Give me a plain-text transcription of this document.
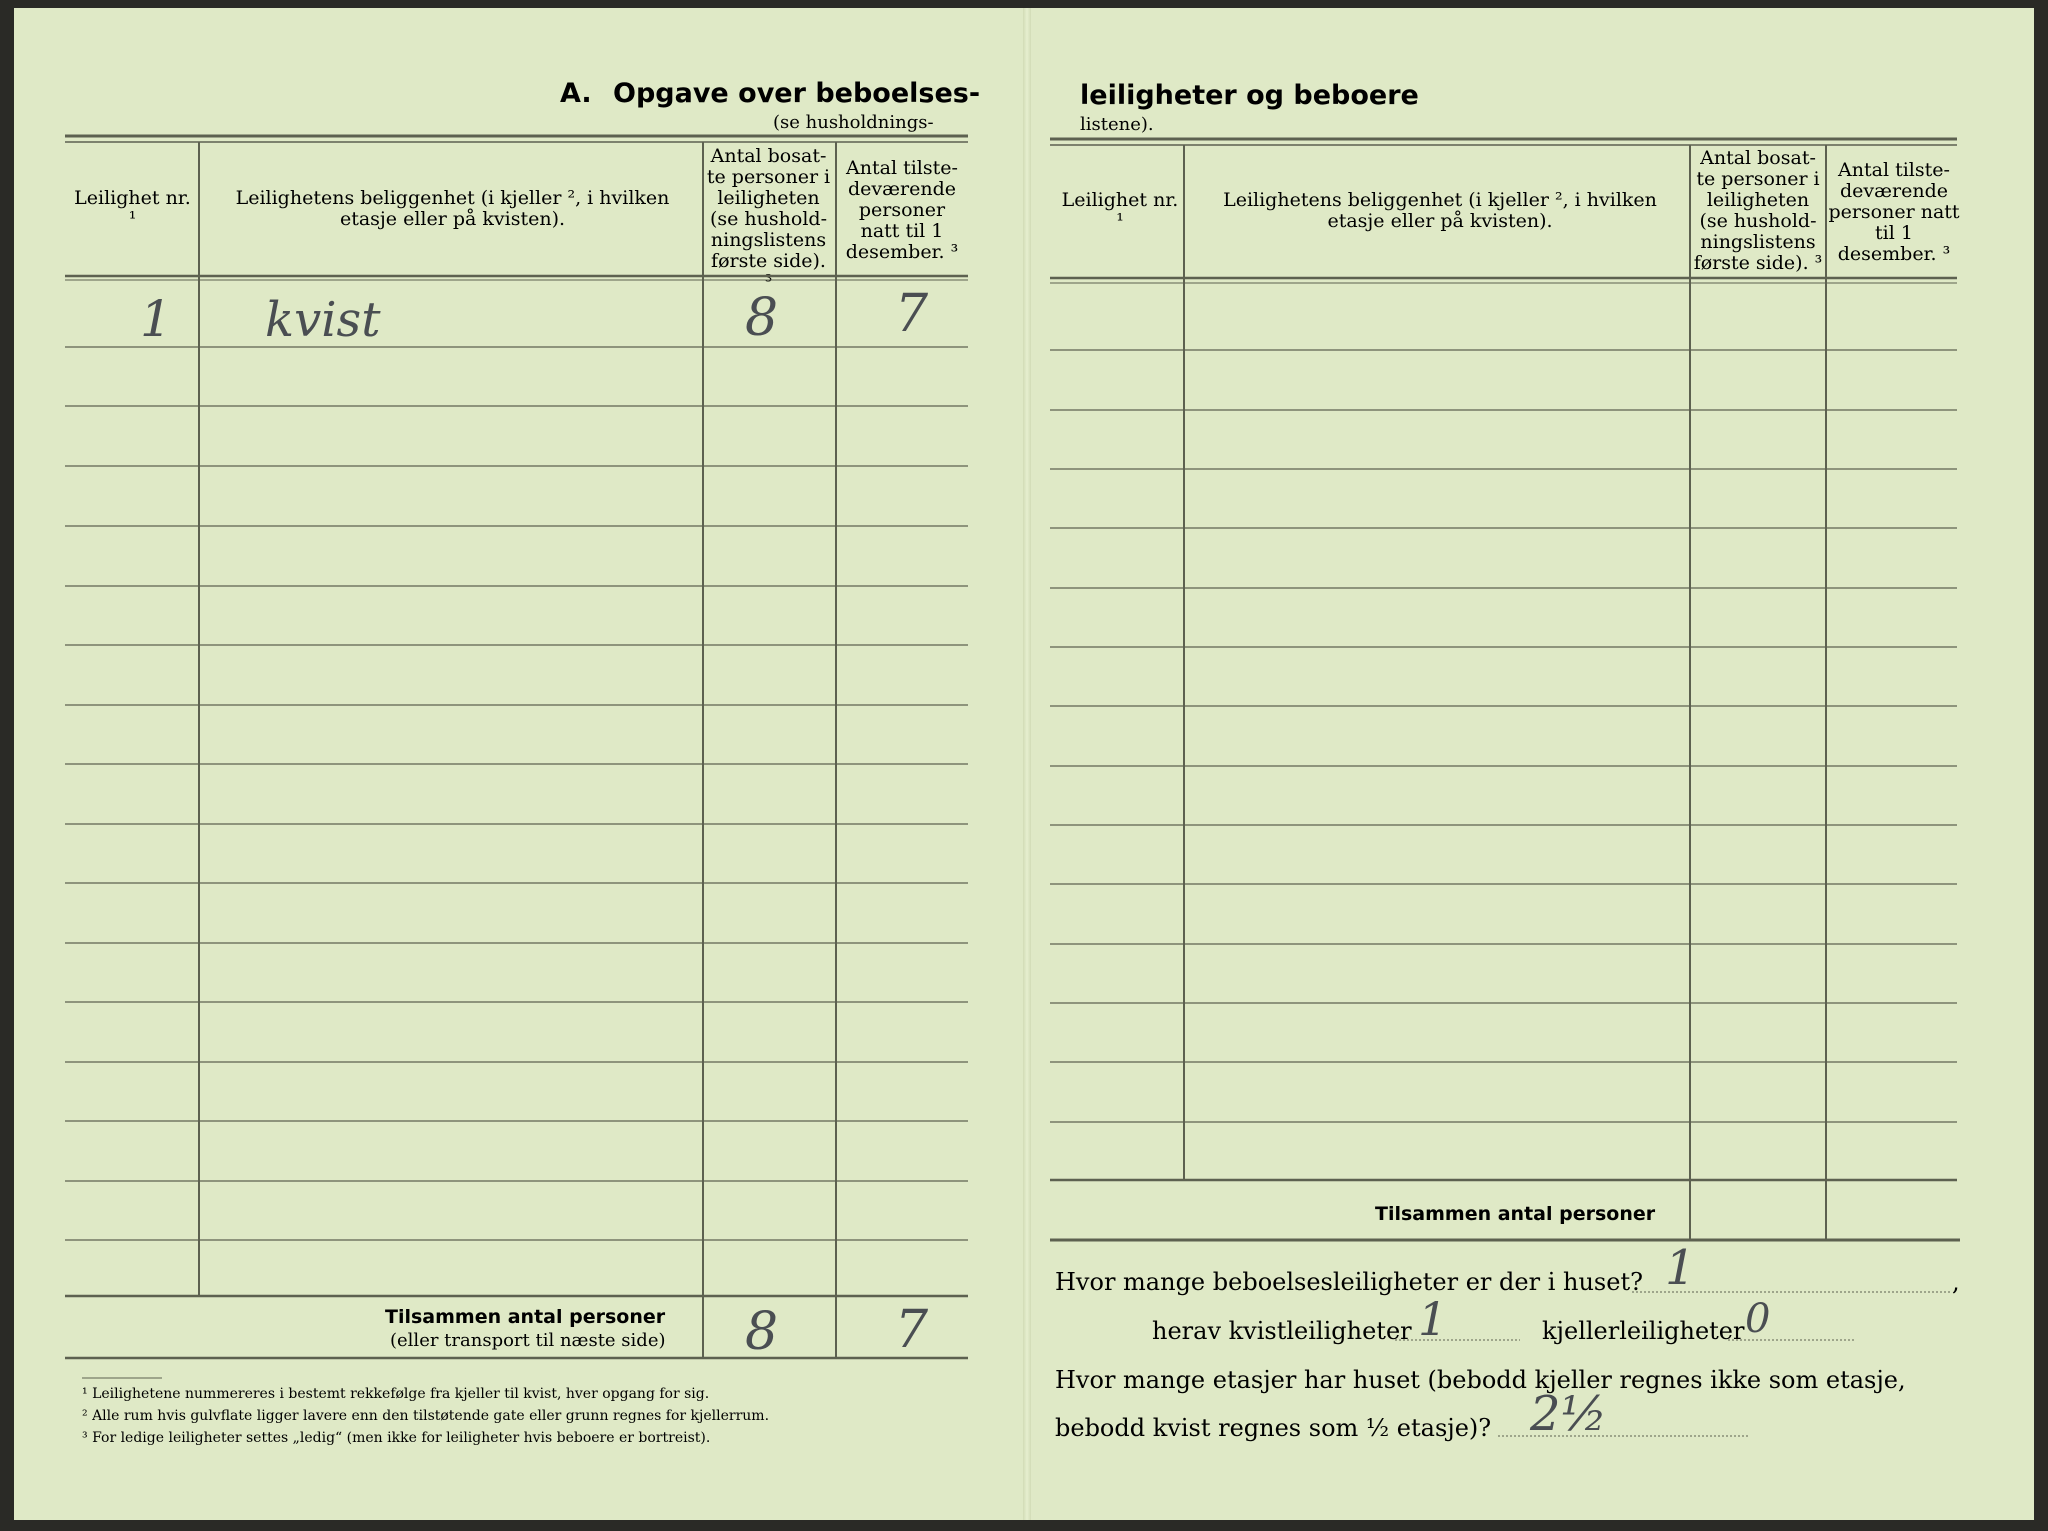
A. Opgave over beboelses-
(se husholdnings-
Leilighet nr. ¹
Leilighetens beliggenhet (i kjeller ², i hvilken etasje eller på kvisten).
Antal bosat-te personer i leiligheten (se hushold-ningslistens første side). ³
Antal tilste-deværende personer natt til 1 desember. ³
1 kvist	8 7
Tilsammen antal personer
(eller transport til næste side) 8 7
¹ Leilighetene nummereres i bestemt rekkefølge fra kjeller til kvist, hver opgang for sig.
² Alle rum hvis gulvflate ligger lavere enn den tilstøtende gate eller grunn regnes for kjellerrum.
³ For ledige leiligheter settes „ledig“ (men ikke for leiligheter hvis beboere er bortreist).
leiligheter og beboere
listene).
Leilighet nr. ¹
Leilighetens beliggenhet (i kjeller ², i hvilken etasje eller på kvisten).
Antal bosat-te personer i leiligheten (se hushold-ningslistens første side). ³
Antal tilste-deværende personer natt til 1 desember. ³
Tilsammen antal personer
Hvor mange beboelsesleiligheter er der i huset? 1	,
herav kvistleiligheter 1	kjellerleiligheter 0
Hvor mange etasjer har huset (bebodd kjeller regnes ikke som etasje,
bebodd kvist regnes som ½ etasje)? 2½
